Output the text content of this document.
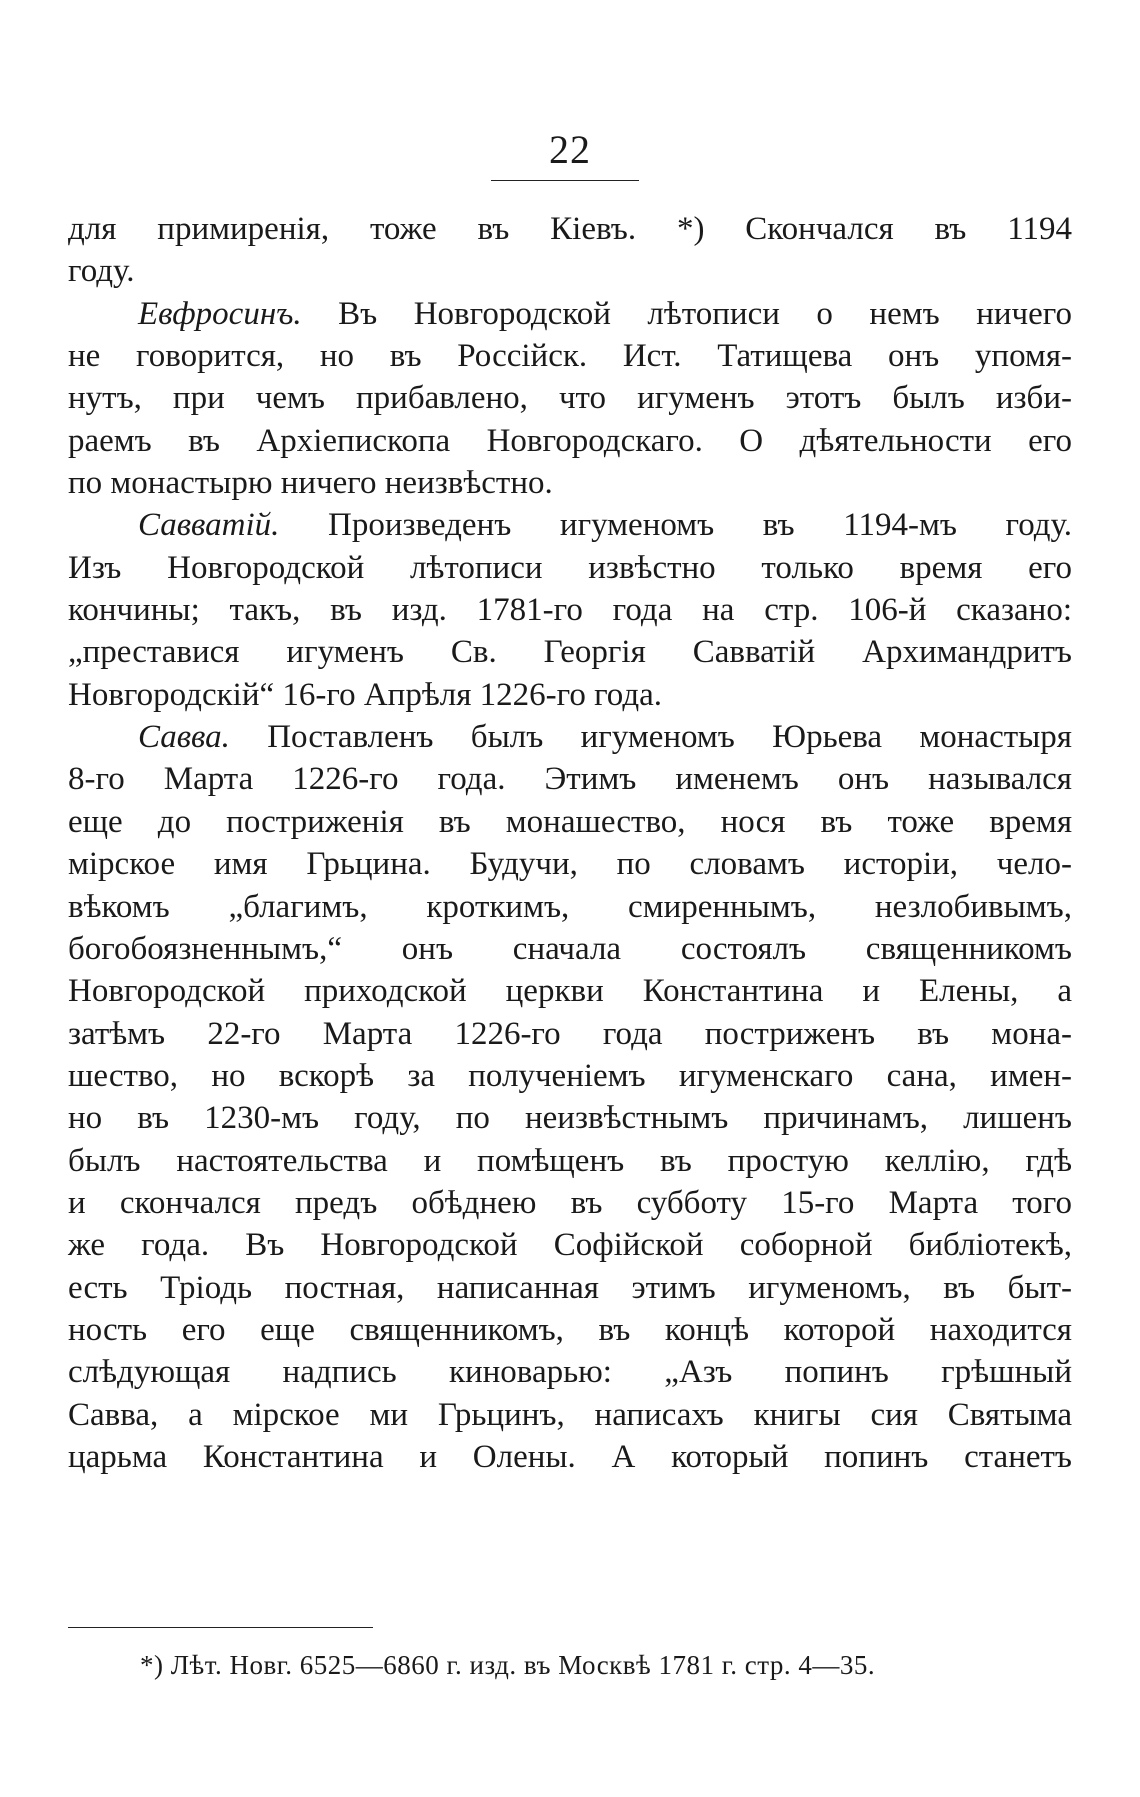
22
для примиренія, тоже въ Кіевъ. *) Скончался въ 1194
году.
Евфросинъ. Въ Новгородской лѣтописи о немъ ничего
не говорится, но въ Россійск. Ист. Татищева онъ упомя-
нутъ, при чемъ прибавлено, что игуменъ этотъ былъ изби-
раемъ въ Архіепископа Новгородскаго. О дѣятельности его
по монастырю ничего неизвѣстно.
Савватій. Произведенъ игуменомъ въ 1194-мъ году.
Изъ Новгородской лѣтописи извѣстно только время его
кончины; такъ, въ изд. 1781-го года на стр. 106-й сказано:
„преставися игуменъ Св. Георгія Савватій Архимандритъ
Новгородскій“ 16-го Апрѣля 1226-го года.
Савва. Поставленъ былъ игуменомъ Юрьева монастыря
8-го Марта 1226-го года. Этимъ именемъ онъ назывался
еще до постриженія въ монашество, нося въ тоже время
мірское имя Грьцина. Будучи, по словамъ исторіи, чело-
вѣкомъ „благимъ, кроткимъ, смиреннымъ, незлобивымъ,
богобоязненнымъ,“ онъ сначала состоялъ священникомъ
Новгородской приходской церкви Константина и Елены, а
затѣмъ 22-го Марта 1226-го года постриженъ въ мона-
шество, но вскорѣ за полученіемъ игуменскаго сана, имен-
но въ 1230-мъ году, по неизвѣстнымъ причинамъ, лишенъ
былъ настоятельства и помѣщенъ въ простую келлію, гдѣ
и скончался предъ обѣднею въ субботу 15-го Марта того
же года. Въ Новгородской Софійской соборной библіотекѣ,
есть Тріодь постная, написанная этимъ игуменомъ, въ быт-
ность его еще священникомъ, въ концѣ которой находится
слѣдующая надпись киноварью: „Азъ попинъ грѣшный
Савва, а мірское ми Грьцинъ, написахъ книгы сия Святыма
царьма Константина и Олены. А который попинъ станетъ
*) Лѣт. Новг. 6525—6860 г. изд. въ Москвѣ 1781 г. стр. 4—35.
